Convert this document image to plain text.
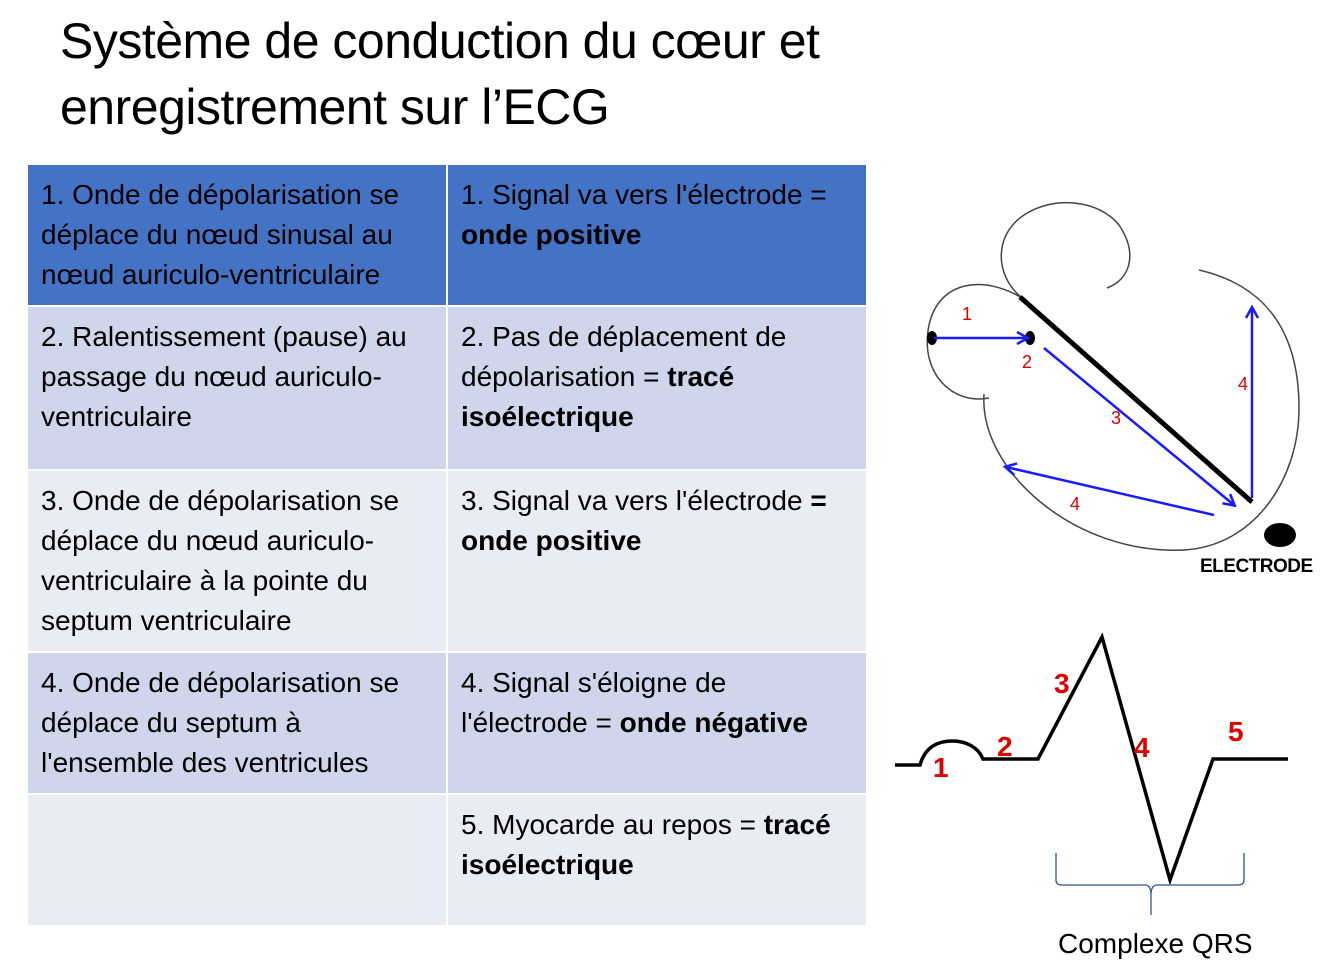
Système de conduction du cœur et
enregistrement sur l’ECG
1. Onde de dépolarisation se déplace du nœud sinusal au nœud auriculo-ventriculaire	1. Signal va vers l'électrode = onde positive
2. Ralentissement (pause) au passage du nœud auriculo-ventriculaire	2. Pas de déplacement de dépolarisation = tracé isoélectrique
3. Onde de dépolarisation se déplace du nœud auriculo-ventriculaire à la pointe du septum ventriculaire	3. Signal va vers l'électrode = onde positive
4. Onde de dépolarisation se déplace du septum à l'ensemble des ventricules	4. Signal s'éloigne de l'électrode = onde négative
	5. Myocarde au repos = tracé isoélectrique
1
2
3
4
4
ELECTRODE
1
2
3
4
5
Complexe QRS
